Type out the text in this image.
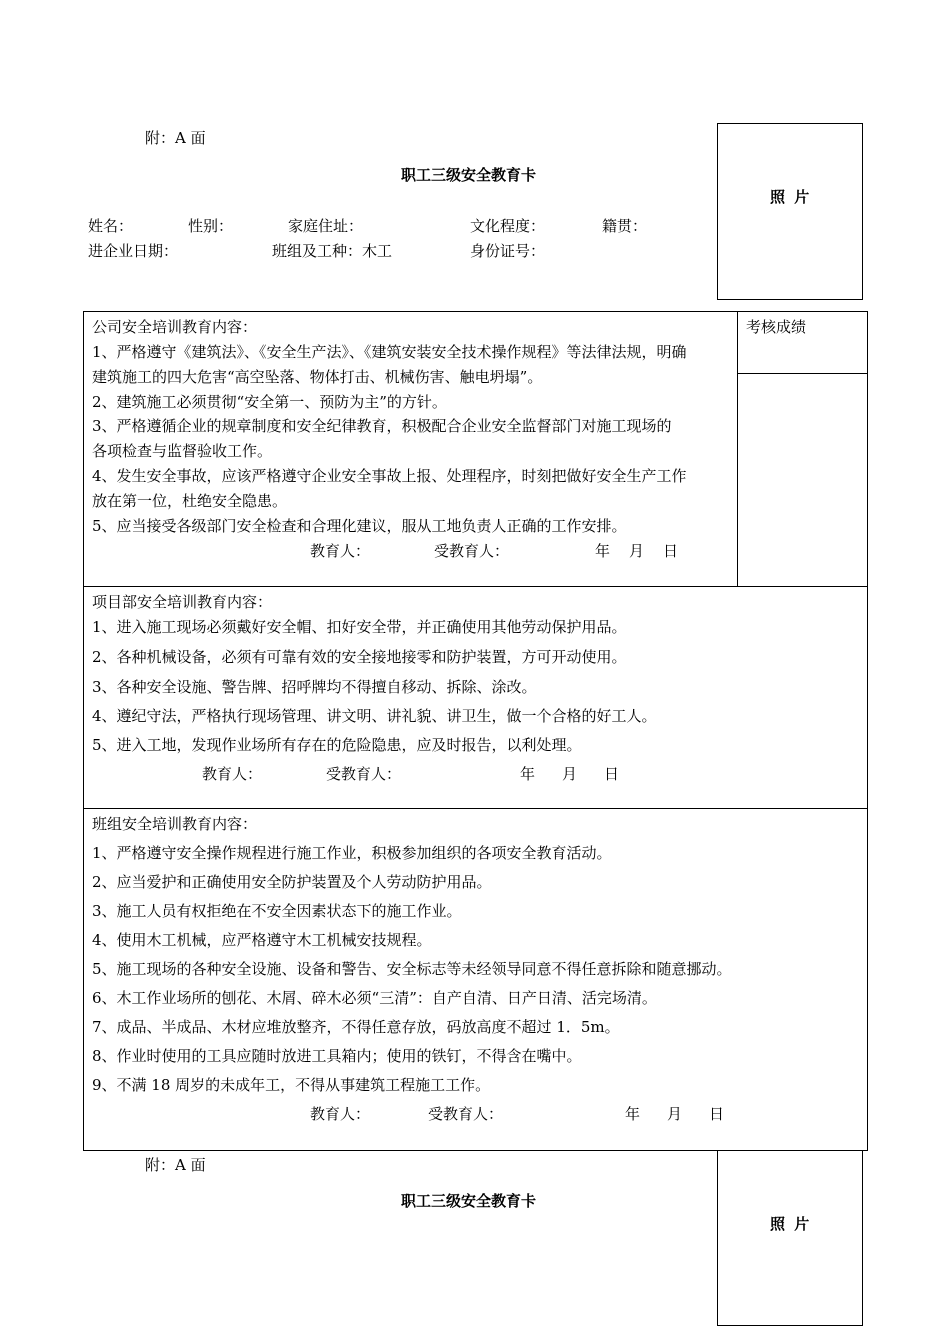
附：A 面
职工三级安全教育卡
照 片
姓名：	性别：	家庭住址：	文化程度：	籍贯：
进企业日期：	班组及工种：木工	身份证号：
考核成绩
公司安全培训教育内容：
1、严格遵守《建筑法》、《安全生产法》、《建筑安装安全技术操作规程》等法律法规，明确
建筑施工的四大危害“高空坠落、物体打击、机械伤害、触电坍塌”。
2、建筑施工必须贯彻“安全第一、预防为主”的方针。
3、严格遵循企业的规章制度和安全纪律教育，积极配合企业安全监督部门对施工现场的
各项检查与监督验收工作。
4、发生安全事故，应该严格遵守企业安全事故上报、处理程序，时刻把做好安全生产工作
放在第一位，杜绝安全隐患。
5、应当接受各级部门安全检查和合理化建议，服从工地负责人正确的工作安排。
教育人：	受教育人：	年 月 日
项目部安全培训教育内容：
1、进入施工现场必须戴好安全帽、扣好安全带，并正确使用其他劳动保护用品。
2、各种机械设备，必须有可靠有效的安全接地接零和防护装置，方可开动使用。
3、各种安全设施、警告牌、招呼牌均不得擅自移动、拆除、涂改。
4、遵纪守法，严格执行现场管理、讲文明、讲礼貌、讲卫生，做一个合格的好工人。
5、进入工地，发现作业场所有存在的危险隐患，应及时报告，以利处理。
教育人：	受教育人：	年 月 日
班组安全培训教育内容：
1、严格遵守安全操作规程进行施工作业，积极参加组织的各项安全教育活动。
2、应当爱护和正确使用安全防护装置及个人劳动防护用品。
3、施工人员有权拒绝在不安全因素状态下的施工作业。
4、使用木工机械，应严格遵守木工机械安技规程。
5、施工现场的各种安全设施、设备和警告、安全标志等未经领导同意不得任意拆除和随意挪动。
6、木工作业场所的刨花、木屑、碎木必须“三清”：自产自清、日产日清、活完场清。
7、成品、半成品、木材应堆放整齐，不得任意存放，码放高度不超过 1．5m。
8、作业时使用的工具应随时放进工具箱内；使用的铁钉，不得含在嘴中。
9、不满 18 周岁的未成年工，不得从事建筑工程施工工作。
教育人：	受教育人：	年 月 日
附：A 面
职工三级安全教育卡
照 片
